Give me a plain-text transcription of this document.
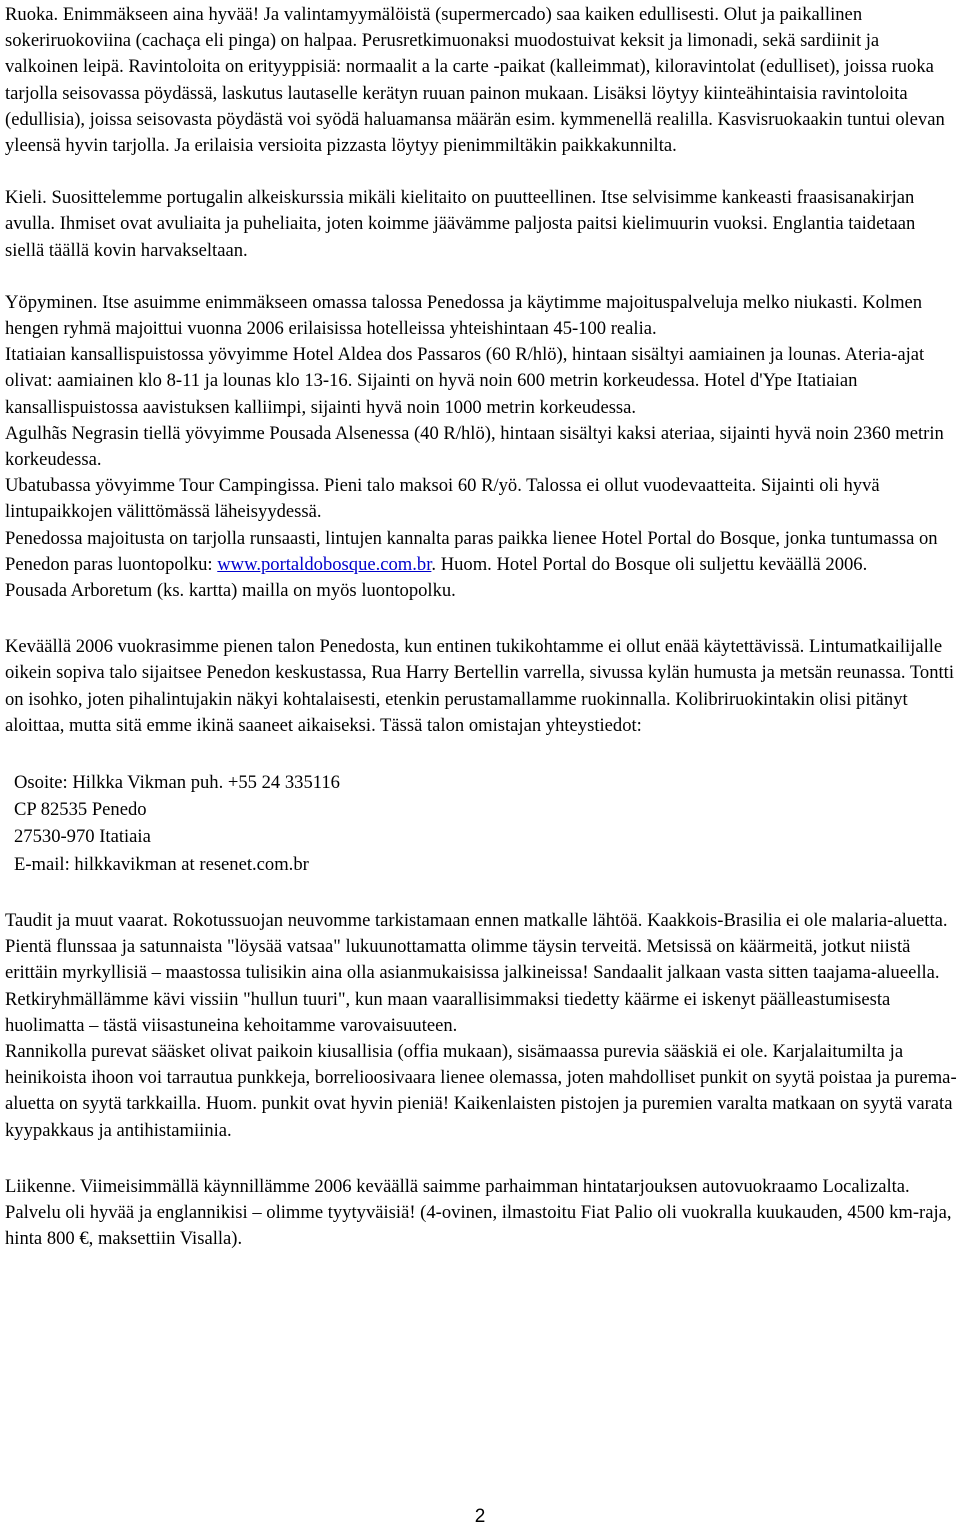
Ruoka. Enimmäkseen aina hyvää! Ja valintamyymälöistä (supermercado) saa kaiken edullisesti. Olut ja paikallinen sokeriruokoviina (cachaça eli pinga) on halpaa. Perusretkimuonaksi muodostuivat keksit ja limonadi, sekä sardiinit ja valkoinen leipä. Ravintoloita on erityyppisiä: normaalit a la carte -paikat (kalleimmat), kiloravintolat (edulliset), joissa ruoka tarjolla seisovassa pöydässä, laskutus lautaselle kerätyn ruuan painon mukaan. Lisäksi löytyy kiinteähintaisia ravintoloita (edullisia), joissa seisovasta pöydästä voi syödä haluamansa määrän esim. kymmenellä realilla. Kasvisruokaakin tuntui olevan yleensä hyvin tarjolla. Ja erilaisia versioita pizzasta löytyy pienimmiltäkin paikkakunnilta.

Kieli. Suosittelemme portugalin alkeiskurssia mikäli kielitaito on puutteellinen. Itse selvisimme kankeasti fraasisanakirjan avulla. Ihmiset ovat avuliaita ja puheliaita, joten koimme jäävämme paljosta paitsi kielimuurin vuoksi. Englantia taidetaan siellä täällä kovin harvakseltaan.

Yöpyminen. Itse asuimme enimmäkseen omassa talossa Penedossa ja käytimme majoituspalveluja melko niukasti. Kolmen hengen ryhmä majoittui vuonna 2006 erilaisissa hotelleissa yhteishintaan 45-100 realia.

Itatiaian kansallispuistossa yövyimme Hotel Aldea dos Passaros (60 R/hlö), hintaan sisältyi aamiainen ja lounas. Ateria-ajat olivat: aamiainen klo 8-11 ja lounas klo 13-16. Sijainti on hyvä noin 600 metrin korkeudessa. Hotel d'Ype Itatiaian kansallispuistossa aavistuksen kalliimpi, sijainti hyvä noin 1000 metrin korkeudessa.

Agulhãs Negrasin tiellä yövyimme Pousada Alsenessa (40 R/hlö), hintaan sisältyi kaksi ateriaa, sijainti hyvä noin 2360 metrin korkeudessa.

Ubatubassa yövyimme Tour Campingissa. Pieni talo maksoi 60 R/yö. Talossa ei ollut vuodevaatteita. Sijainti oli hyvä lintupaikkojen välittömässä läheisyydessä.

Penedossa majoitusta on tarjolla runsaasti, lintujen kannalta paras paikka lienee Hotel Portal do Bosque, jonka tuntumassa on Penedon paras luontopolku: www.portaldobosque.com.br. Huom. Hotel Portal do Bosque oli suljettu keväällä 2006.

Pousada Arboretum (ks. kartta) mailla on myös luontopolku.

Keväällä 2006 vuokrasimme pienen talon Penedosta, kun entinen tukikohtamme ei ollut enää käytettävissä. Lintumatkailijalle oikein sopiva talo sijaitsee Penedon keskustassa, Rua Harry Bertellin varrella, sivussa kylän humusta ja metsän reunassa. Tontti on isohko, joten pihalintujakin näkyi kohtalaisesti, etenkin perustamallamme ruokinnalla. Kolibriruokintakin olisi pitänyt aloittaa, mutta sitä emme ikinä saaneet aikaiseksi. Tässä talon omistajan yhteystiedot:

Osoite: Hilkka Vikman puh. +55 24 335116

CP 82535 Penedo

27530-970 Itatiaia

E-mail: hilkkavikman at resenet.com.br

Taudit ja muut vaarat. Rokotussuojan neuvomme tarkistamaan ennen matkalle lähtöä. Kaakkois-Brasilia ei ole malaria-aluetta. Pientä flunssaa ja satunnaista "löysää vatsaa" lukuunottamatta olimme täysin terveitä. Metsissä on käärmeitä, jotkut niistä erittäin myrkyllisiä – maastossa tulisikin aina olla asianmukaisissa jalkineissa! Sandaalit jalkaan vasta sitten taajama-alueella. Retkiryhmällämme kävi vissiin "hullun tuuri", kun maan vaarallisimmaksi tiedetty käärme ei iskenyt päälleastumisesta huolimatta – tästä viisastuneina kehoitamme varovaisuuteen.

Rannikolla purevat sääsket olivat paikoin kiusallisia (offia mukaan), sisämaassa purevia sääskiä ei ole. Karjalaitumilta ja heinikoista ihoon voi tarrautua punkkeja, borrelioosivaara lienee olemassa, joten mahdolliset punkit on syytä poistaa ja purema-aluetta on syytä tarkkailla. Huom. punkit ovat hyvin pieniä! Kaikenlaisten pistojen ja puremien varalta matkaan on syytä varata kyypakkaus ja antihistamiinia.

Liikenne. Viimeisimmällä käynnillämme 2006 keväällä saimme parhaimman hintatarjouksen autovuokraamo Localizalta. Palvelu oli hyvää ja englannikisi – olimme tyytyväisiä! (4-ovinen, ilmastoitu Fiat Palio oli vuokralla kuukauden, 4500 km-raja, hinta 800 €, maksettiin Visalla).

2
